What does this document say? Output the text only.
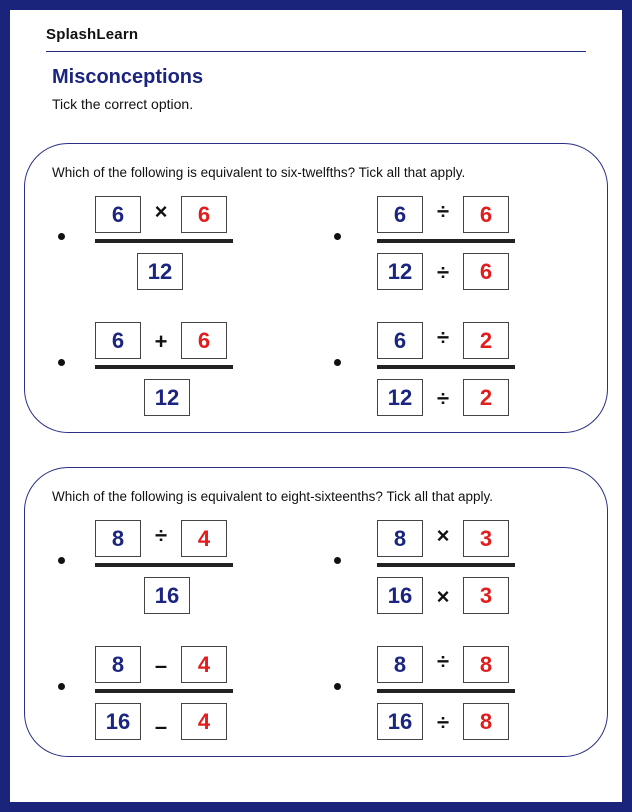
SplashLearn
Misconceptions
Tick the correct option.
Which of the following is equivalent to six-twelfths? Tick all that apply.
6	×	6
12
6	÷	6
12	÷	6
6	+	6
12
6	÷	2
12	÷	2
Which of the following is equivalent to eight-sixteenths? Tick all that apply.
8	÷	4
16
8	×	3
16	×	3
8	–	4
16	–	4
8	÷	8
16	÷	8
